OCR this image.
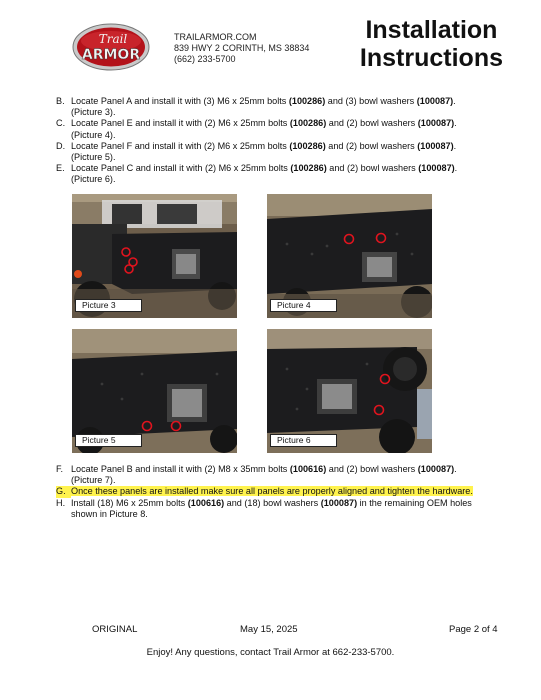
Trail
ARMOR
TRAILARMOR.COM
839 HWY 2 CORINTH, MS 38834
(662) 233-5700
Installation
Instructions
B. Locate Panel A and install it with (3) M6 x 25mm bolts (100286) and (3) bowl washers (100087).
(Picture 3).
C. Locate Panel E and install it with (2) M6 x 25mm bolts (100286) and (2) bowl washers (100087).
(Picture 4).
D. Locate Panel F and install it with (2) M6 x 25mm bolts (100286) and (2) bowl washers (100087).
(Picture 5).
E. Locate Panel C and install it with (2) M6 x 25mm bolts (100286) and (2) bowl washers (100087).
(Picture 6).
Picture 3	Picture 4
Picture 5	Picture 6
F. Locate Panel B and install it with (2) M8 x 35mm bolts (100616) and (2) bowl washers (100087).
(Picture 7).
G. Once these panels are installed make sure all panels are properly aligned and tighten the hardware.
H. Install (18) M6 x 25mm bolts (100616) and (18) bowl washers (100087) in the remaining OEM holes
shown in Picture 8.
ORIGINAL	May 15, 2025	Page 2 of 4
Enjoy! Any questions, contact Trail Armor at 662-233-5700.
